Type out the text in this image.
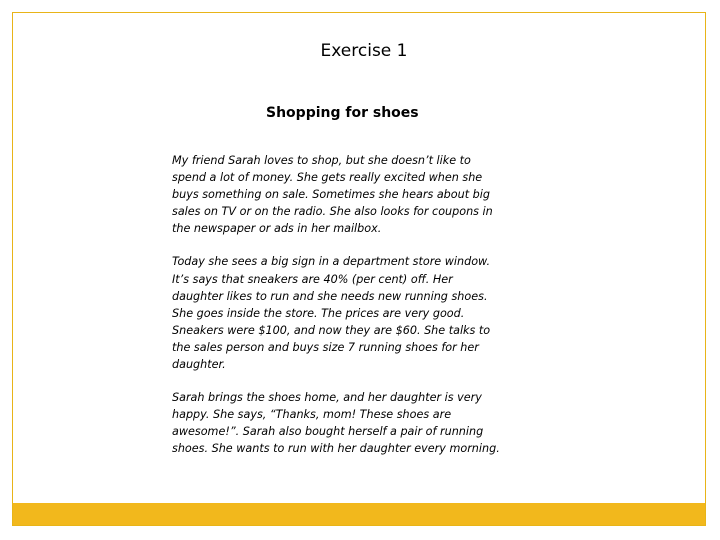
Exercise 1
Shopping for shoes

My friend Sarah loves to shop, but she doesn’t like to
spend a lot of money. She gets really excited when she
buys something on sale. Sometimes she hears about big
sales on TV or on the radio. She also looks for coupons in
the newspaper or ads in her mailbox.

Today she sees a big sign in a department store window.
It’s says that sneakers are 40% (per cent) off. Her
daughter likes to run and she needs new running shoes.
She goes inside the store. The prices are very good.
Sneakers were $100, and now they are $60. She talks to
the sales person and buys size 7 running shoes for her
daughter.

Sarah brings the shoes home, and her daughter is very
happy. She says, “Thanks, mom! These shoes are
awesome!”. Sarah also bought herself a pair of running
shoes. She wants to run with her daughter every morning.
